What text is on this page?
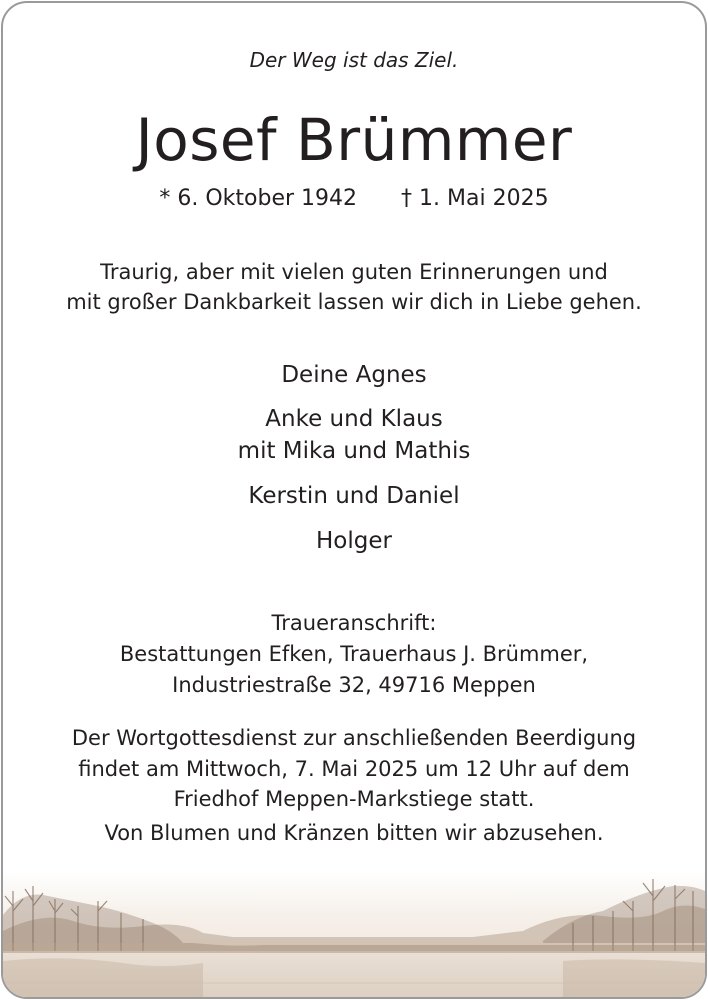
Der Weg ist das Ziel.
Josef Brümmer
* 6. Oktober 1942 † 1. Mai 2025
Traurig, aber mit vielen guten Erinnerungen und
mit großer Dankbarkeit lassen wir dich in Liebe gehen.
Deine Agnes
Anke und Klaus
mit Mika und Mathis
Kerstin und Daniel
Holger
Traueranschrift:
Bestattungen Efken, Trauerhaus J. Brümmer,
Industriestraße 32, 49716 Meppen
Der Wortgottesdienst zur anschließenden Beerdigung
findet am Mittwoch, 7. Mai 2025 um 12 Uhr auf dem
Friedhof Meppen-Markstiege statt.
Von Blumen und Kränzen bitten wir abzusehen.
